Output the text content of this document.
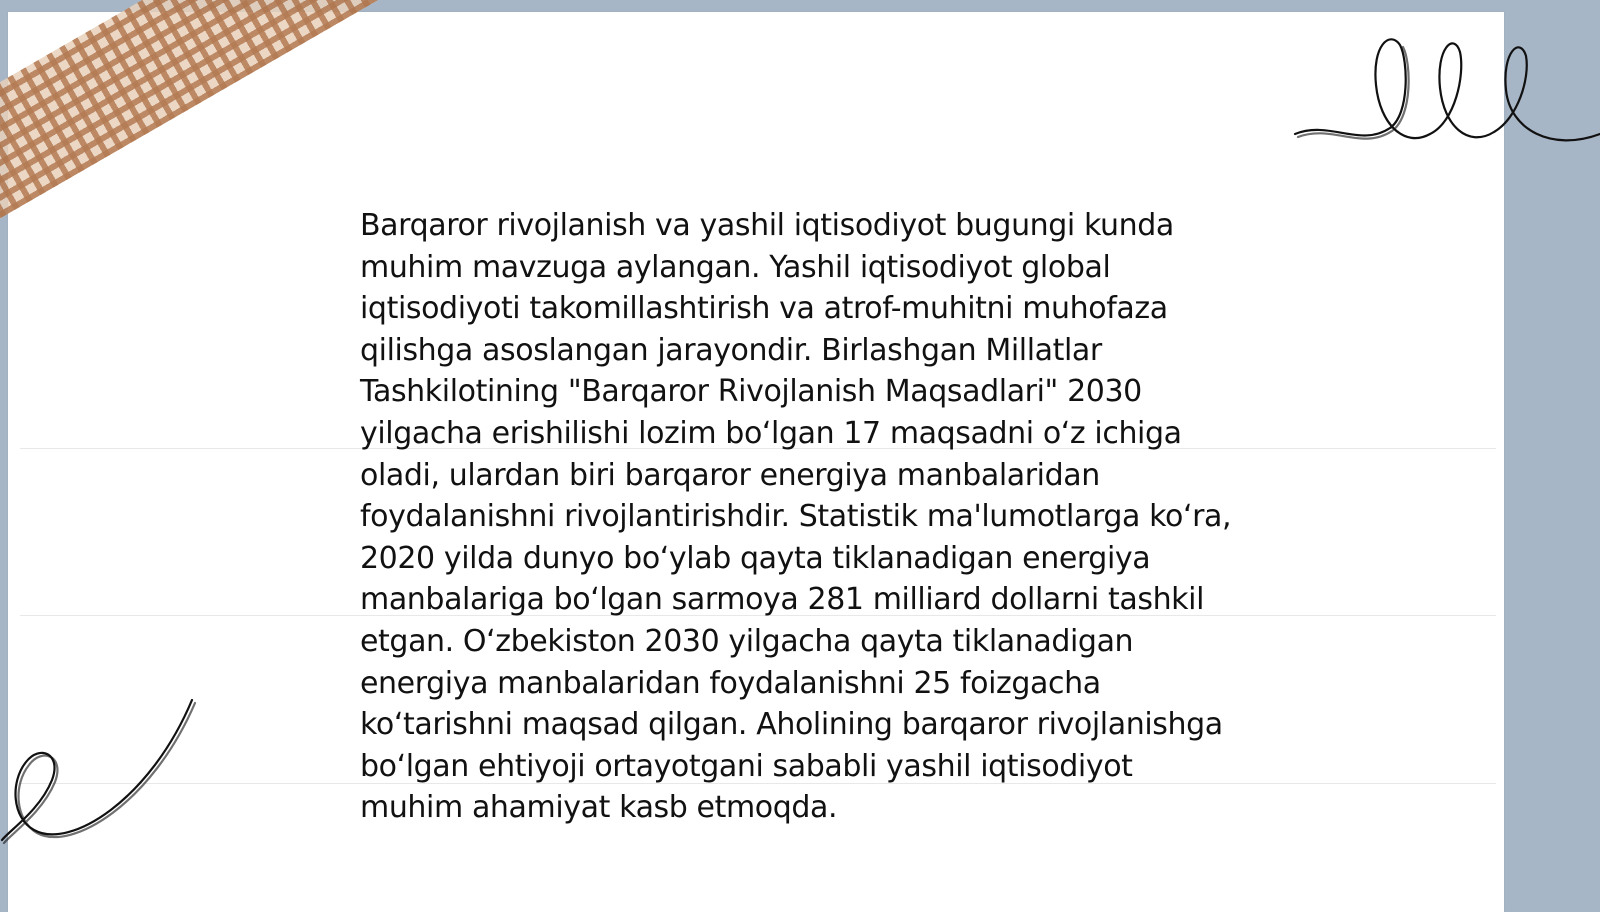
Barqaror rivojlanish va yashil iqtisodiyot bugungi kunda muhim mavzuga aylangan. Yashil iqtisodiyot global iqtisodiyoti takomillashtirish va atrof-muhitni muhofaza qilishga asoslangan jarayondir. Birlashgan Millatlar Tashkilotining "Barqaror Rivojlanish Maqsadlari" 2030 yilgacha erishilishi lozim boʻlgan 17 maqsadni oʻz ichiga oladi, ulardan biri barqaror energiya manbalaridan foydalanishni rivojlantirishdir. Statistik ma'lumotlarga koʻra, 2020 yilda dunyo boʻylab qayta tiklanadigan energiya manbalariga boʻlgan sarmoya 281 milliard dollarni tashkil etgan. Oʻzbekiston 2030 yilgacha qayta tiklanadigan energiya manbalaridan foydalanishni 25 foizgacha koʻtarishni maqsad qilgan. Aholining barqaror rivojlanishga boʻlgan ehtiyoji ortayotgani sababli yashil iqtisodiyot muhim ahamiyat kasb etmoqda.
